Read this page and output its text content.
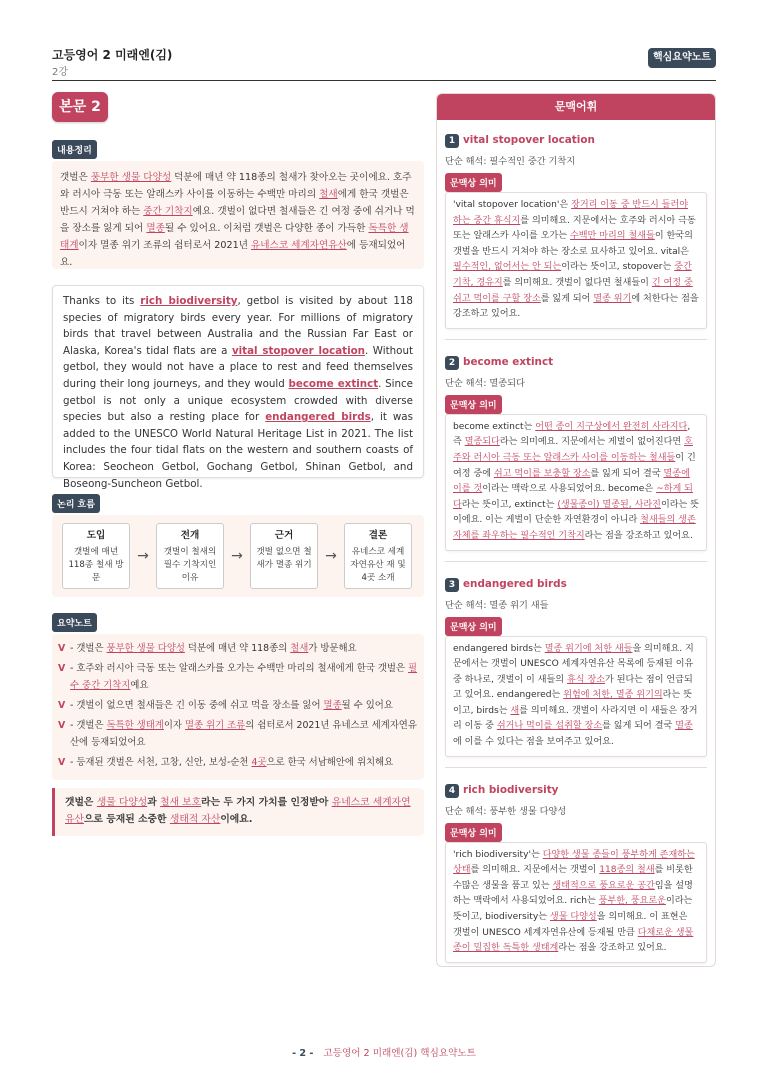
고등영어 2 미래엔(김)
2강
핵심요약노트
본문 2
내용정리
갯벌은 풍부한 생물 다양성 덕분에 매년 약 118종의 철새가 찾아오는 곳이에요. 호주와 러시아 극동 또는 알래스카 사이를 이동하는 수백만 마리의 철새에게 한국 갯벌은 반드시 거쳐야 하는 중간 기착지예요. 갯벌이 없다면 철새들은 긴 여정 중에 쉬거나 먹을 장소를 잃게 되어 멸종될 수 있어요. 이처럼 갯벌은 다양한 종이 가득한 독특한 생태계이자 멸종 위기 조류의 쉼터로서 2021년 유네스코 세계자연유산에 등재되었어요.
Thanks to its rich biodiversity, getbol is visited by about 118 species of migratory birds every year. For millions of migratory birds that travel between Australia and the Russian Far East or Alaska, Korea's tidal flats are a vital stopover location. Without getbol, they would not have a place to rest and feed themselves during their long journeys, and they would become extinct. Since getbol is not only a unique ecosystem crowded with diverse species but also a resting place for endangered birds, it was added to the UNESCO World Natural Heritage List in 2021. The list includes the four tidal flats on the western and southern coasts of Korea: Seocheon Getbol, Gochang Getbol, Shinan Getbol, and Boseong-Suncheon Getbol.
논리 흐름
도입
갯벌에 매년 118종 철새 방문
→
전개
갯벌이 철새의 필수 기착지인 이유
→
근거
갯벌 없으면 철새가 멸종 위기
→
결론
유네스코 세계자연유산 재 및 4곳 소개
요약노트
V - 갯벌은 풍부한 생물 다양성 덕분에 매년 약 118종의 철새가 방문해요
V - 호주와 러시아 극동 또는 알래스카를 오가는 수백만 마리의 철새에게 한국 갯벌은 필수 중간 기착지예요
V - 갯벌이 없으면 철새들은 긴 이동 중에 쉬고 먹을 장소를 잃어 멸종될 수 있어요
V - 갯벌은 독특한 생태계이자 멸종 위기 조류의 쉼터로서 2021년 유네스코 세계자연유산에 등재되었어요
V - 등재된 갯벌은 서천, 고창, 신안, 보성-순천 4곳으로 한국 서남해안에 위치해요
갯벌은 생물 다양성과 철새 보호라는 두 가지 가치를 인정받아 유네스코 세계자연유산으로 등재된 소중한 생태적 자산이에요.
문맥어휘
1 vital stopover location
단순 해석: 필수적인 중간 기착지
문맥상 의미
'vital stopover location'은 장거리 이동 중 반드시 들러야 하는 중간 휴식지를 의미해요. 지문에서는 호주와 러시아 극동 또는 알래스카 사이를 오가는 수백만 마리의 철새들이 한국의 갯벌을 반드시 거쳐야 하는 장소로 묘사하고 있어요. vital은 필수적인, 없어서는 안 되는이라는 뜻이고, stopover는 중간 기착, 경유지를 의미해요. 갯벌이 없다면 철새들이 긴 여정 중 쉬고 먹이를 구할 장소를 잃게 되어 멸종 위기에 처한다는 점을 강조하고 있어요.
2 become extinct
단순 해석: 멸종되다
문맥상 의미
become extinct는 어떤 종이 지구상에서 완전히 사라지다, 즉 멸종되다라는 의미예요. 지문에서는 게벌이 없어진다면 호주와 러시아 극동 또는 알래스카 사이를 이동하는 철새들이 긴 여정 중에 쉬고 먹이를 보충할 장소를 잃게 되어 결국 멸종에 이를 것이라는 맥락으로 사용되었어요. become은 ~하게 되다라는 뜻이고, extinct는 (생물종이) 멸종된, 사라진이라는 뜻이에요. 이는 게벌이 단순한 자연환경이 아니라 철새들의 생존 자체를 좌우하는 필수적인 기착지라는 점을 강조하고 있어요.
3 endangered birds
단순 해석: 멸종 위기 새들
문맥상 의미
endangered birds는 멸종 위기에 처한 새들을 의미해요. 지문에서는 갯벌이 UNESCO 세계자연유산 목록에 등재된 이유 중 하나로, 갯벌이 이 새들의 휴식 장소가 된다는 점이 언급되고 있어요. endangered는 위험에 처한, 멸종 위기의라는 뜻이고, birds는 새를 의미해요. 갯벌이 사라지면 이 새들은 장거리 이동 중 쉬거나 먹이를 섭취할 장소를 잃게 되어 결국 멸종에 이를 수 있다는 점을 보여주고 있어요.
4 rich biodiversity
단순 해석: 풍부한 생물 다양성
문맥상 의미
'rich biodiversity'는 다양한 생물 종들이 풍부하게 존재하는 상태를 의미해요. 지문에서는 갯벌이 118종의 철새를 비롯한 수많은 생물을 품고 있는 생태적으로 풍요로운 공간임을 설명하는 맥락에서 사용되었어요. rich는 풍부한, 풍요로운이라는 뜻이고, biodiversity는 생물 다양성을 의미해요. 이 표현은 갯벌이 UNESCO 세계자연유산에 등재될 만큼 다채로운 생물 종이 밀집한 독특한 생태계라는 점을 강조하고 있어요.
- 2 - 고등영어 2 미래엔(김) 핵심요약노트
